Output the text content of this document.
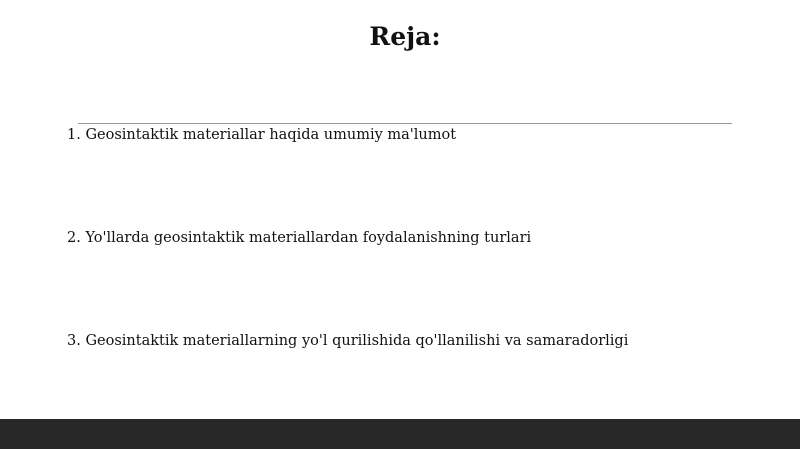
Reja:
1. Geosintaktik materiallar haqida umumiy ma'lumot
2. Yo'llarda geosintaktik materiallardan foydalanishning turlari
3. Geosintaktik materiallarning yo'l qurilishida qo'llanilishi va samaradorligi
